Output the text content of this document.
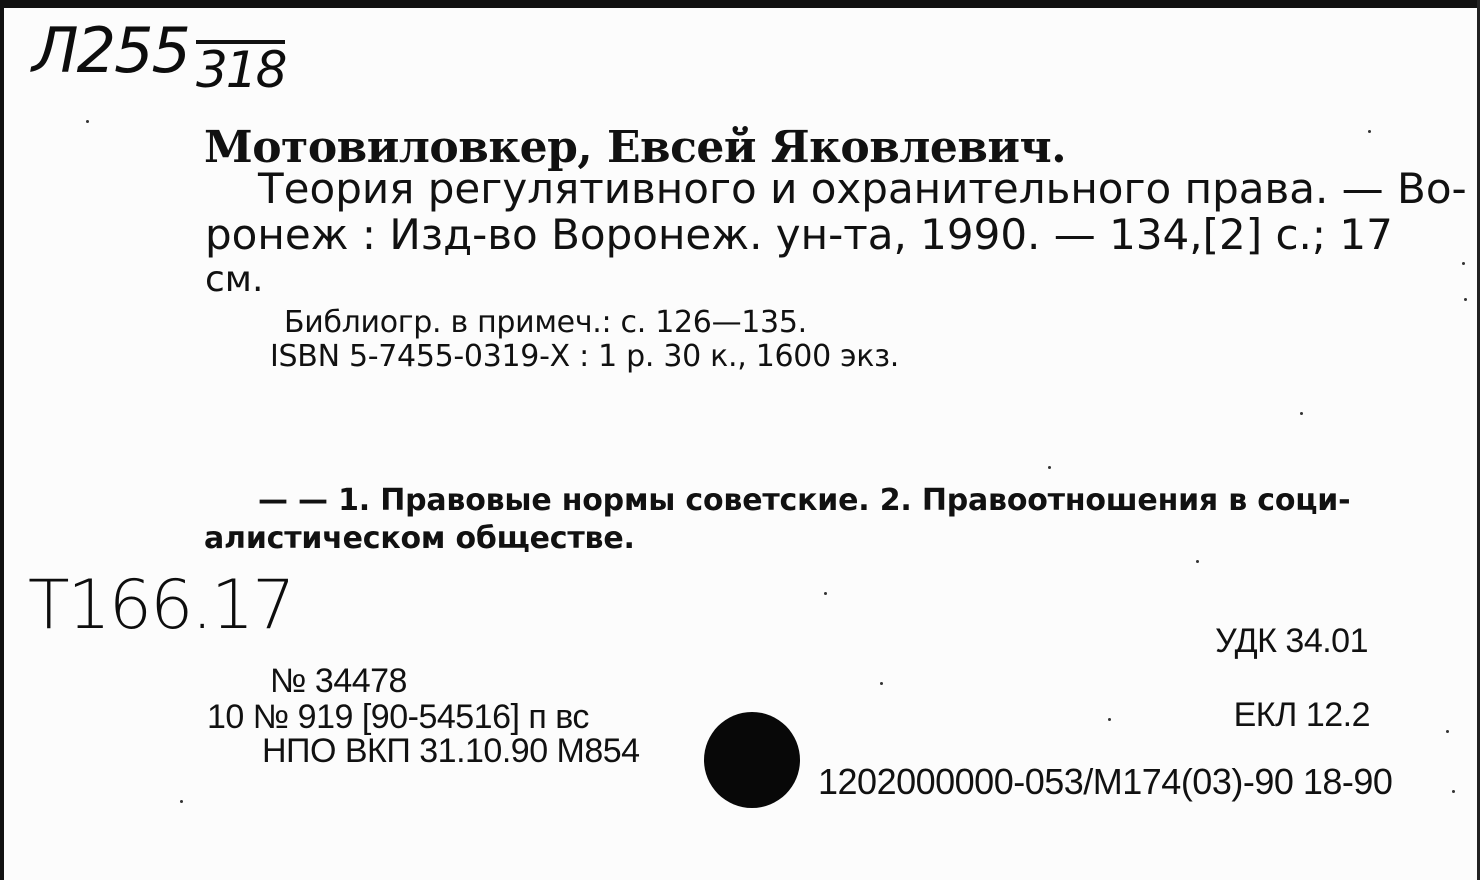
Л255 318
Мотовиловкер, Евсей Яковлевич.
Теория регулятивного и охранительного права. — Во-
ронеж : Изд-во Воронеж. ун-та, 1990. — 134,[2] с.; 17
см.
Библиогр. в примеч.: с. 126—135.
ISBN 5-7455-0319-Х : 1 р. 30 к., 1600 экз.
— — 1. Правовые нормы советские. 2. Правоотношения в соци-
алистическом обществе.
Т166.17	УДК 34.01
ЕКЛ 12.2
№ 34478
10 № 919 [90-54516] п вс
НПО ВКП 31.10.90 М854
1202000000-053/М174(03)-90 18-90
